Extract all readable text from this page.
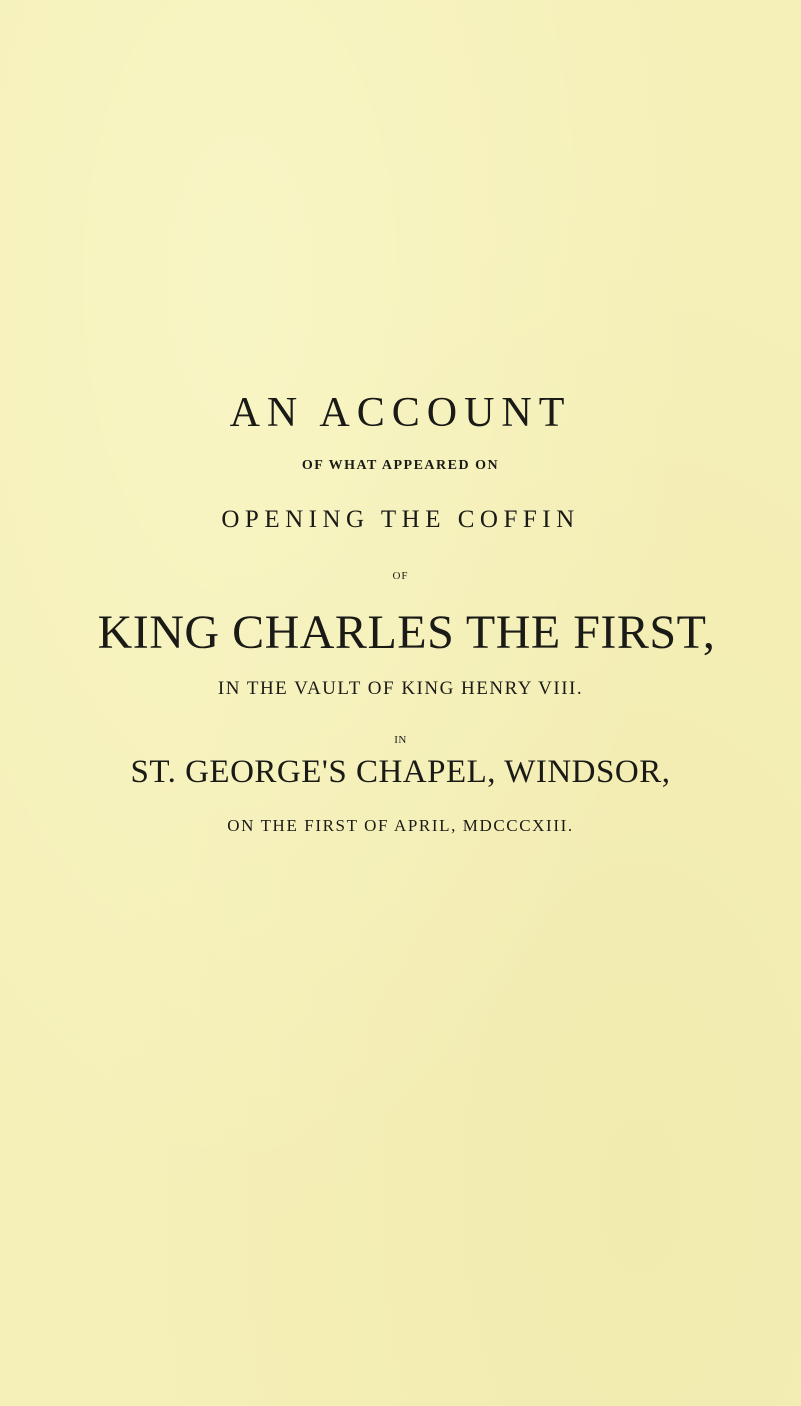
AN ACCOUNT

OF WHAT APPEARED ON

OPENING THE COFFIN

OF

KING CHARLES THE FIRST,

IN THE VAULT OF KING HENRY VIII.

IN

ST. GEORGE'S CHAPEL, WINDSOR,

ON THE FIRST OF APRIL, MDCCCXIII.
